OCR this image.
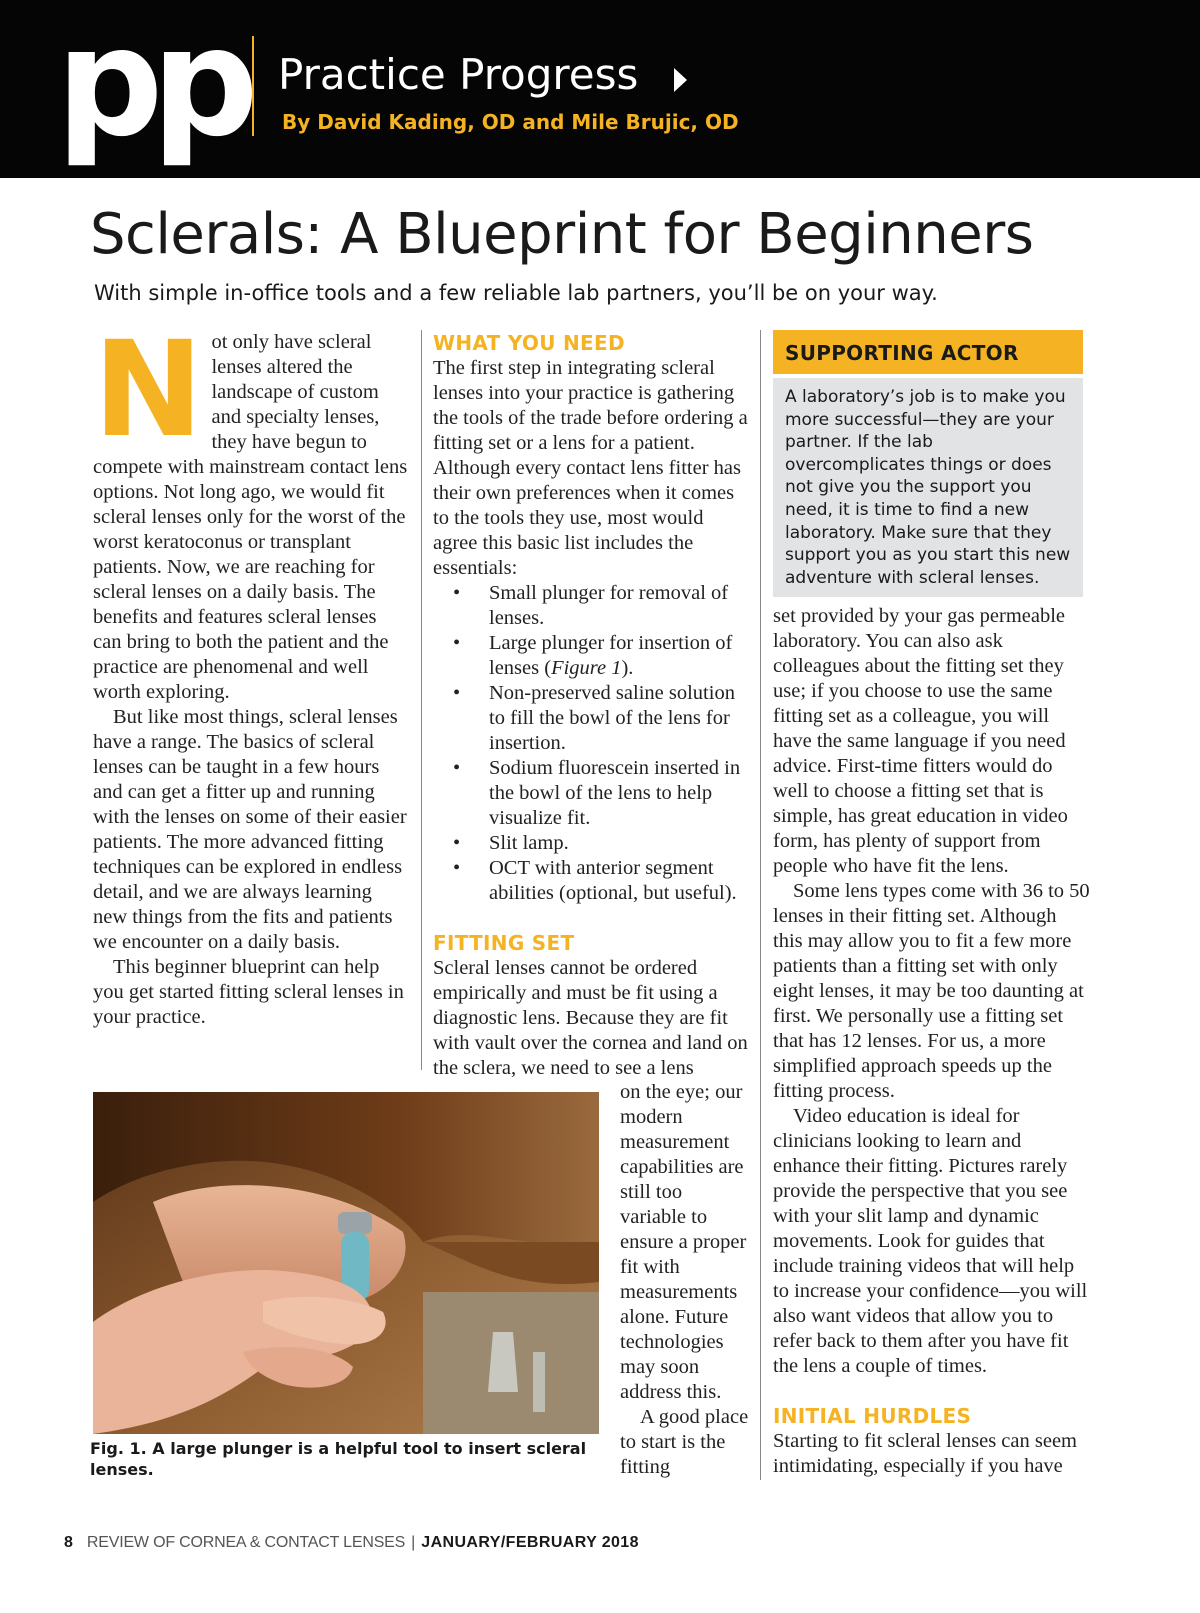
pp Practice Progress
By David Kading, OD and Mile Brujic, OD
Sclerals: A Blueprint for Beginners
With simple in-office tools and a few reliable lab partners, you’ll be on your way.

Not only have scleral lenses altered the landscape of custom and specialty lenses, they have begun to compete with mainstream contact lens options. Not long ago, we would fit scleral lenses only for the worst of the worst keratoconus or transplant patients. Now, we are reaching for scleral lenses on a daily basis. The benefits and features scleral lenses can bring to both the patient and the practice are phenomenal and well worth exploring.

But like most things, scleral lenses have a range. The basics of scleral lenses can be taught in a few hours and can get a fitter up and running with the lenses on some of their easier patients. The more advanced fitting techniques can be explored in endless detail, and we are always learning new things from the fits and patients we encounter on a daily basis.

This beginner blueprint can help you get started fitting scleral lenses in your practice.

WHAT YOU NEED

The first step in integrating scleral lenses into your practice is gathering the tools of the trade before ordering a fitting set or a lens for a patient. Although every contact lens fitter has their own preferences when it comes to the tools they use, most would agree this basic list includes the essentials:

• Small plunger for removal of lenses.
• Large plunger for insertion of lenses (Figure 1).
• Non-preserved saline solution to fill the bowl of the lens for insertion.
• Sodium fluorescein inserted in the bowl of the lens to help visualize fit.
• Slit lamp.
• OCT with anterior segment abilities (optional, but useful).
FITTING SET

Scleral lenses cannot be ordered empirically and must be fit using a diagnostic lens. Because they are fit with vault over the cornea and land on the sclera, we need to see a lens

on the eye; our modern measurement capabilities are still too variable to ensure a proper fit with measurements alone. Future technologies may soon address this.

A good place to start is the fitting

SUPPORTING ACTOR
A laboratory’s job is to make you more successful—they are your partner. If the lab overcomplicates things or does not give you the support you need, it is time to find a new laboratory. Make sure that they support you as you start this new adventure with scleral lenses.

set provided by your gas permeable laboratory. You can also ask colleagues about the fitting set they use; if you choose to use the same fitting set as a colleague, you will have the same language if you need advice. First-time fitters would do well to choose a fitting set that is simple, has great education in video form, has plenty of support from people who have fit the lens.

Some lens types come with 36 to 50 lenses in their fitting set. Although this may allow you to fit a few more patients than a fitting set with only eight lenses, it may be too daunting at first. We personally use a fitting set that has 12 lenses. For us, a more simplified approach speeds up the fitting process.

Video education is ideal for clinicians looking to learn and enhance their fitting. Pictures rarely provide the perspective that you see with your slit lamp and dynamic movements. Look for guides that include training videos that will help to increase your confidence—you will also want videos that allow you to refer back to them after you have fit the lens a couple of times.

INITIAL HURDLES

Starting to fit scleral lenses can seem intimidating, especially if you have

Fig. 1. A large plunger is a helpful tool to insert scleral lenses.
8 REVIEW OF CORNEA & CONTACT LENSES | JANUARY/FEBRUARY 2018
